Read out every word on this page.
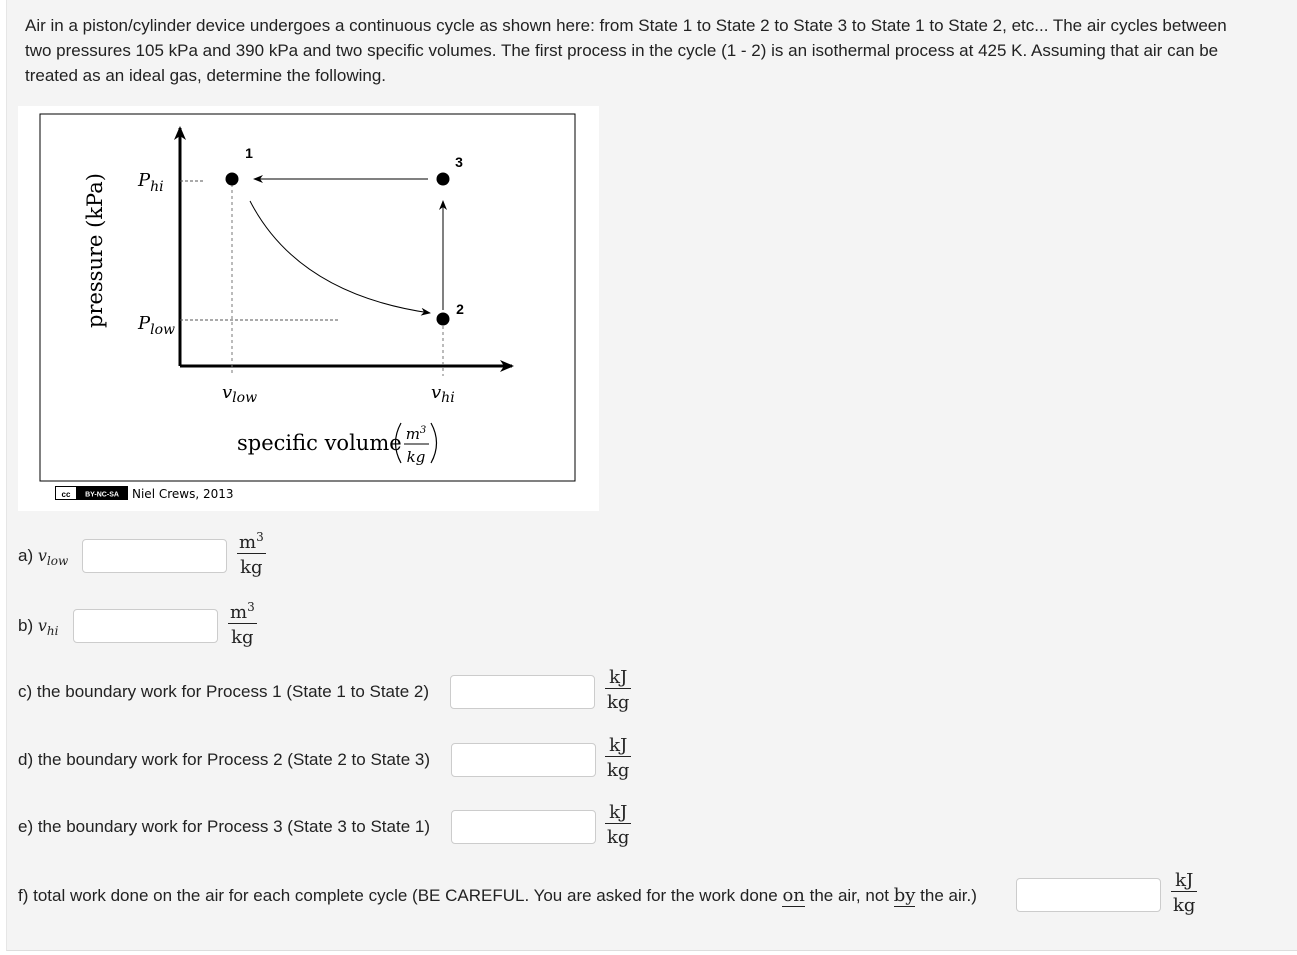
Air in a piston/cylinder device undergoes a continuous cycle as shown here: from State 1 to State 2 to State 3 to State 1 to State 2, etc... The air cycles between
two pressures 105 kPa and 390 kPa and two specific volumes. The first process in the cycle (1 - 2) is an isothermal process at 425 K. Assuming that air can be
treated as an ideal gas, determine the following.

1
3
2
$P_{hi}$
$P_{low}$
$v_{low}$	$v_{hi}$
pressure (kPa)
specific volume $m^3$
kg
cc BY-NC-SA Niel Crews, 2013
a) $v_{low}$	$\frac{m^3}{kg}$
b) $v_{hi}$	$\frac{m^3}{kg}$
c) the boundary work for Process 1 (State 1 to State 2)	$\frac{kJ}{kg}$
d) the boundary work for Process 2 (State 2 to State 3)	$\frac{kJ}{kg}$
e) the boundary work for Process 3 (State 3 to State 1)	$\frac{kJ}{kg}$
f) total work done on the air for each complete cycle (BE CAREFUL. You are asked for the work done on the air, not by the air.)	$\frac{kJ}{kg}$
